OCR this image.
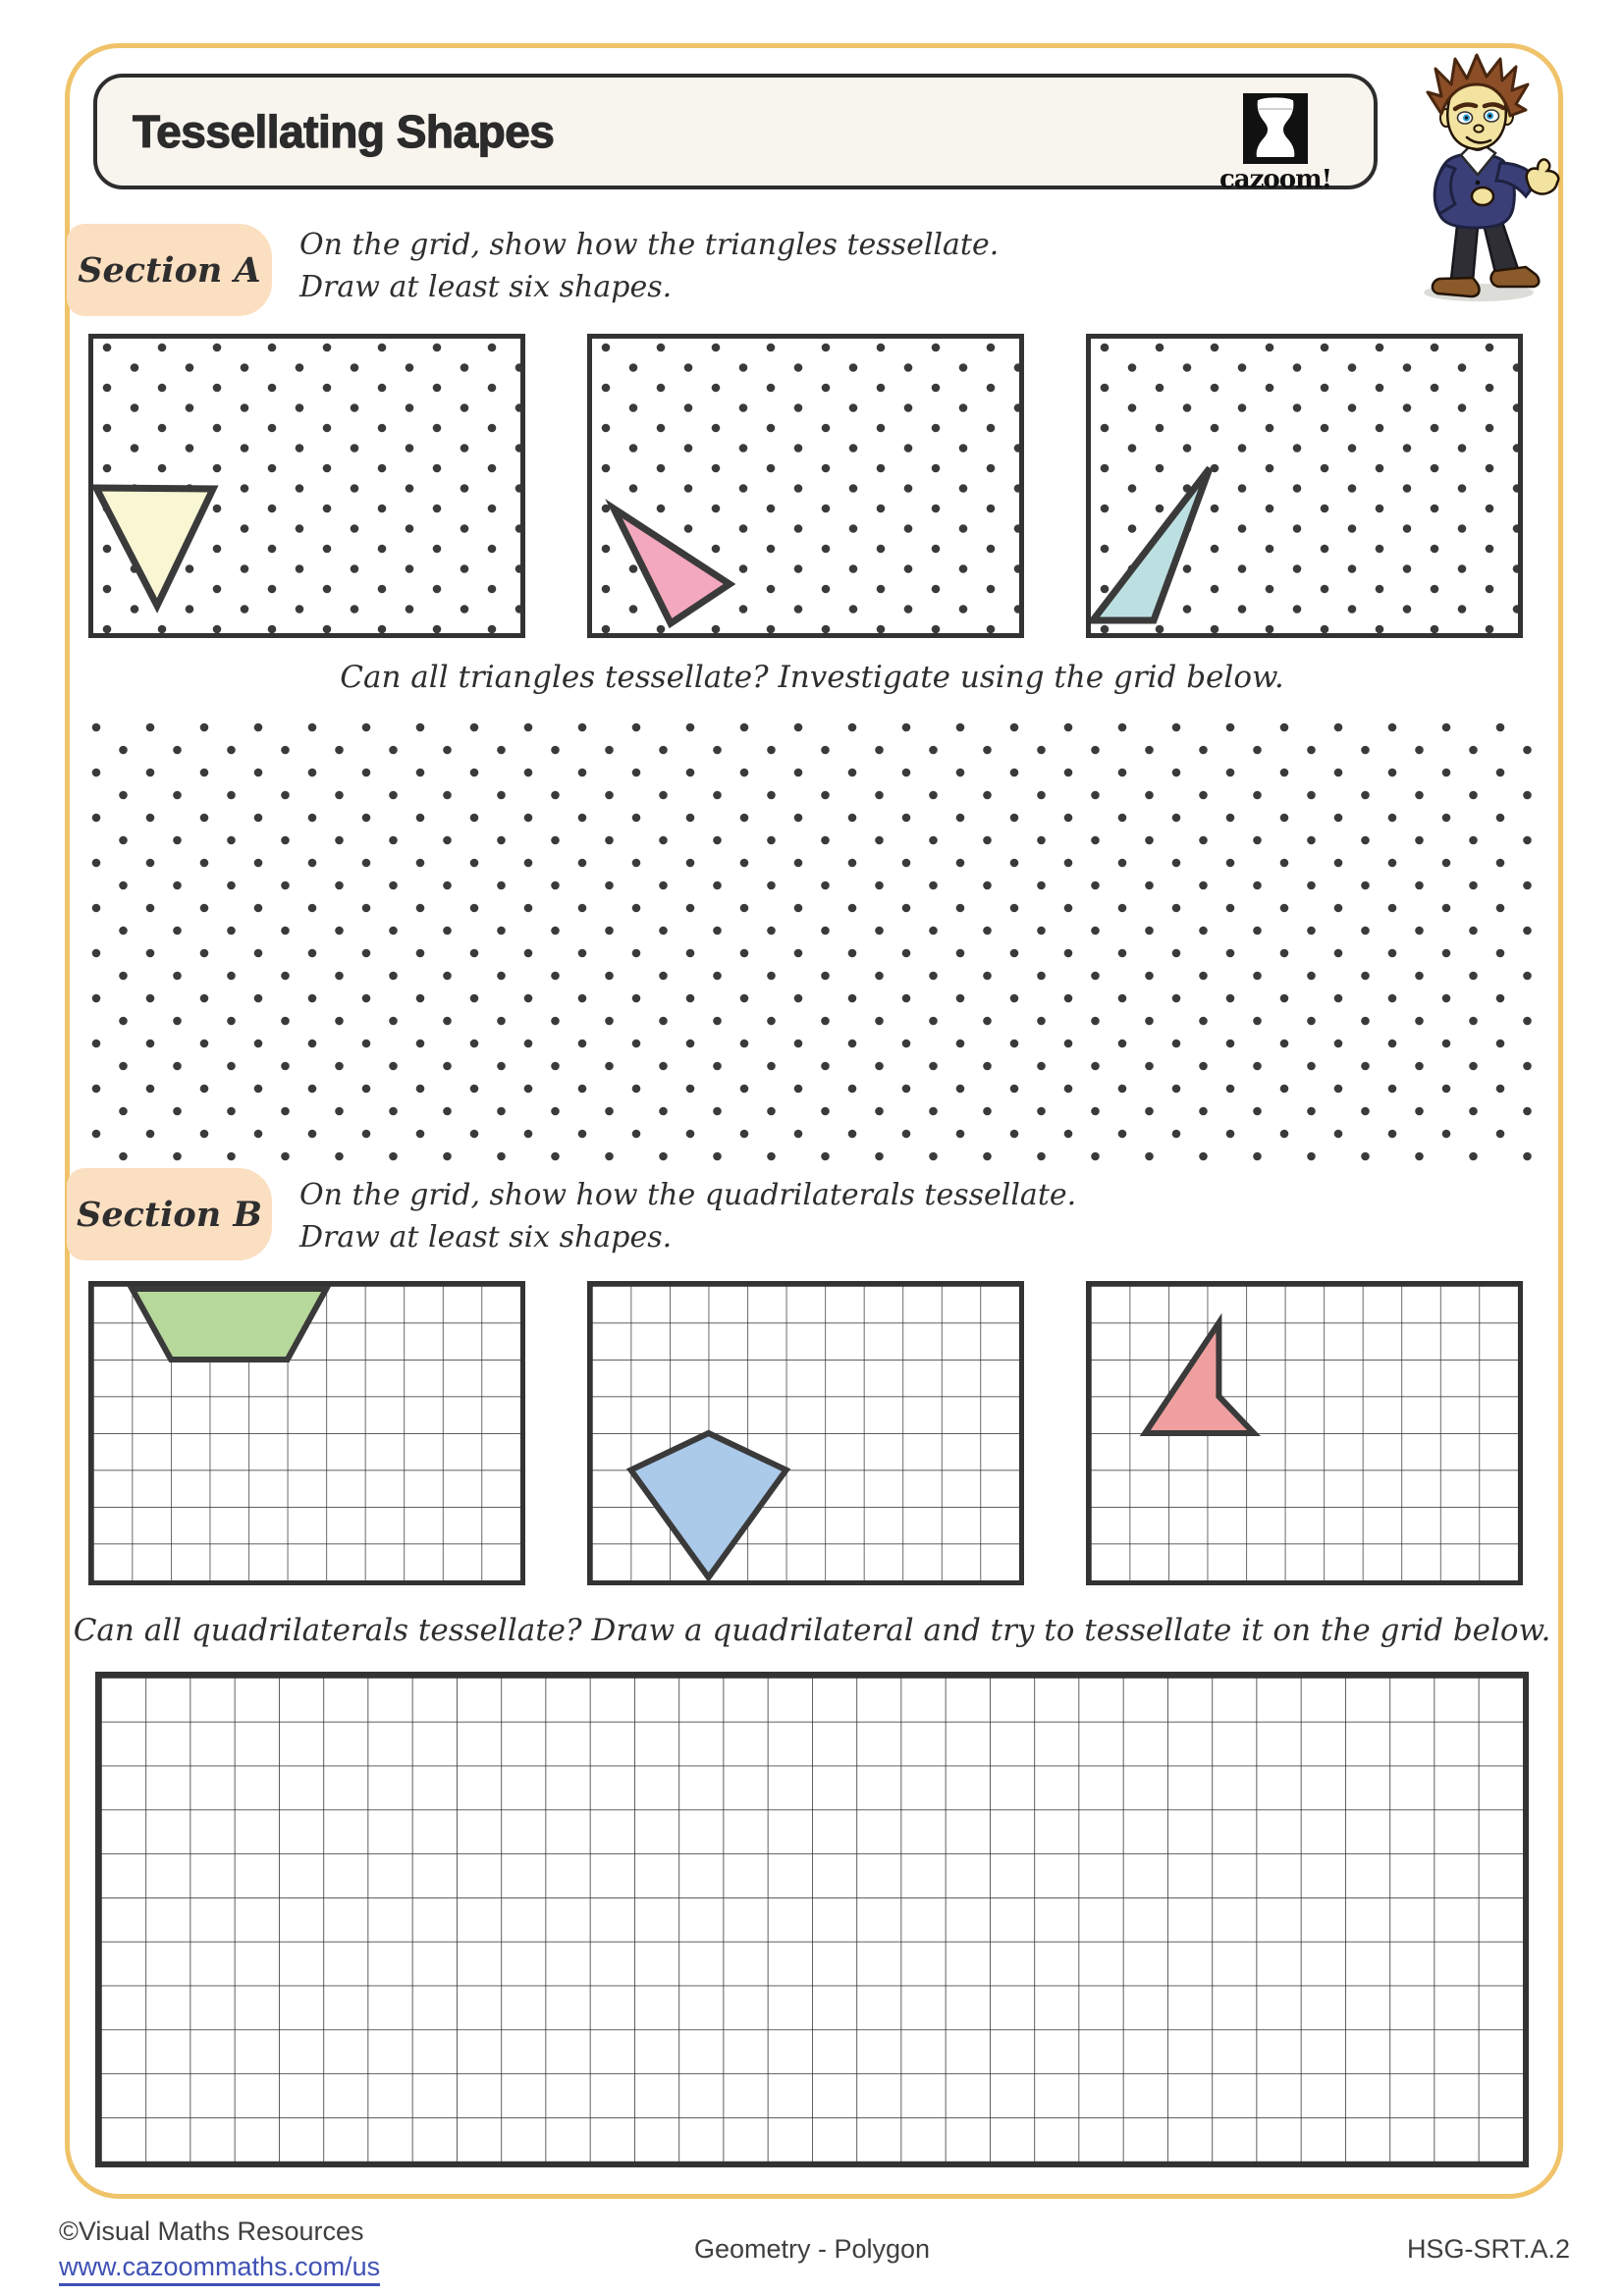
Tessellating Shapes
cazoom!
Section A
On the grid, show how the triangles tessellate.
Draw at least six shapes.
Can all triangles tessellate? Investigate using the grid below.
Section B On the grid, show how the quadrilaterals tessellate.
Draw at least six shapes.
Can all quadrilaterals tessellate? Draw a quadrilateral and try to tessellate it on the grid below.
©Visual Maths Resources
www.cazoommaths.com/us
Geometry - Polygon	HSG-SRT.A.2
